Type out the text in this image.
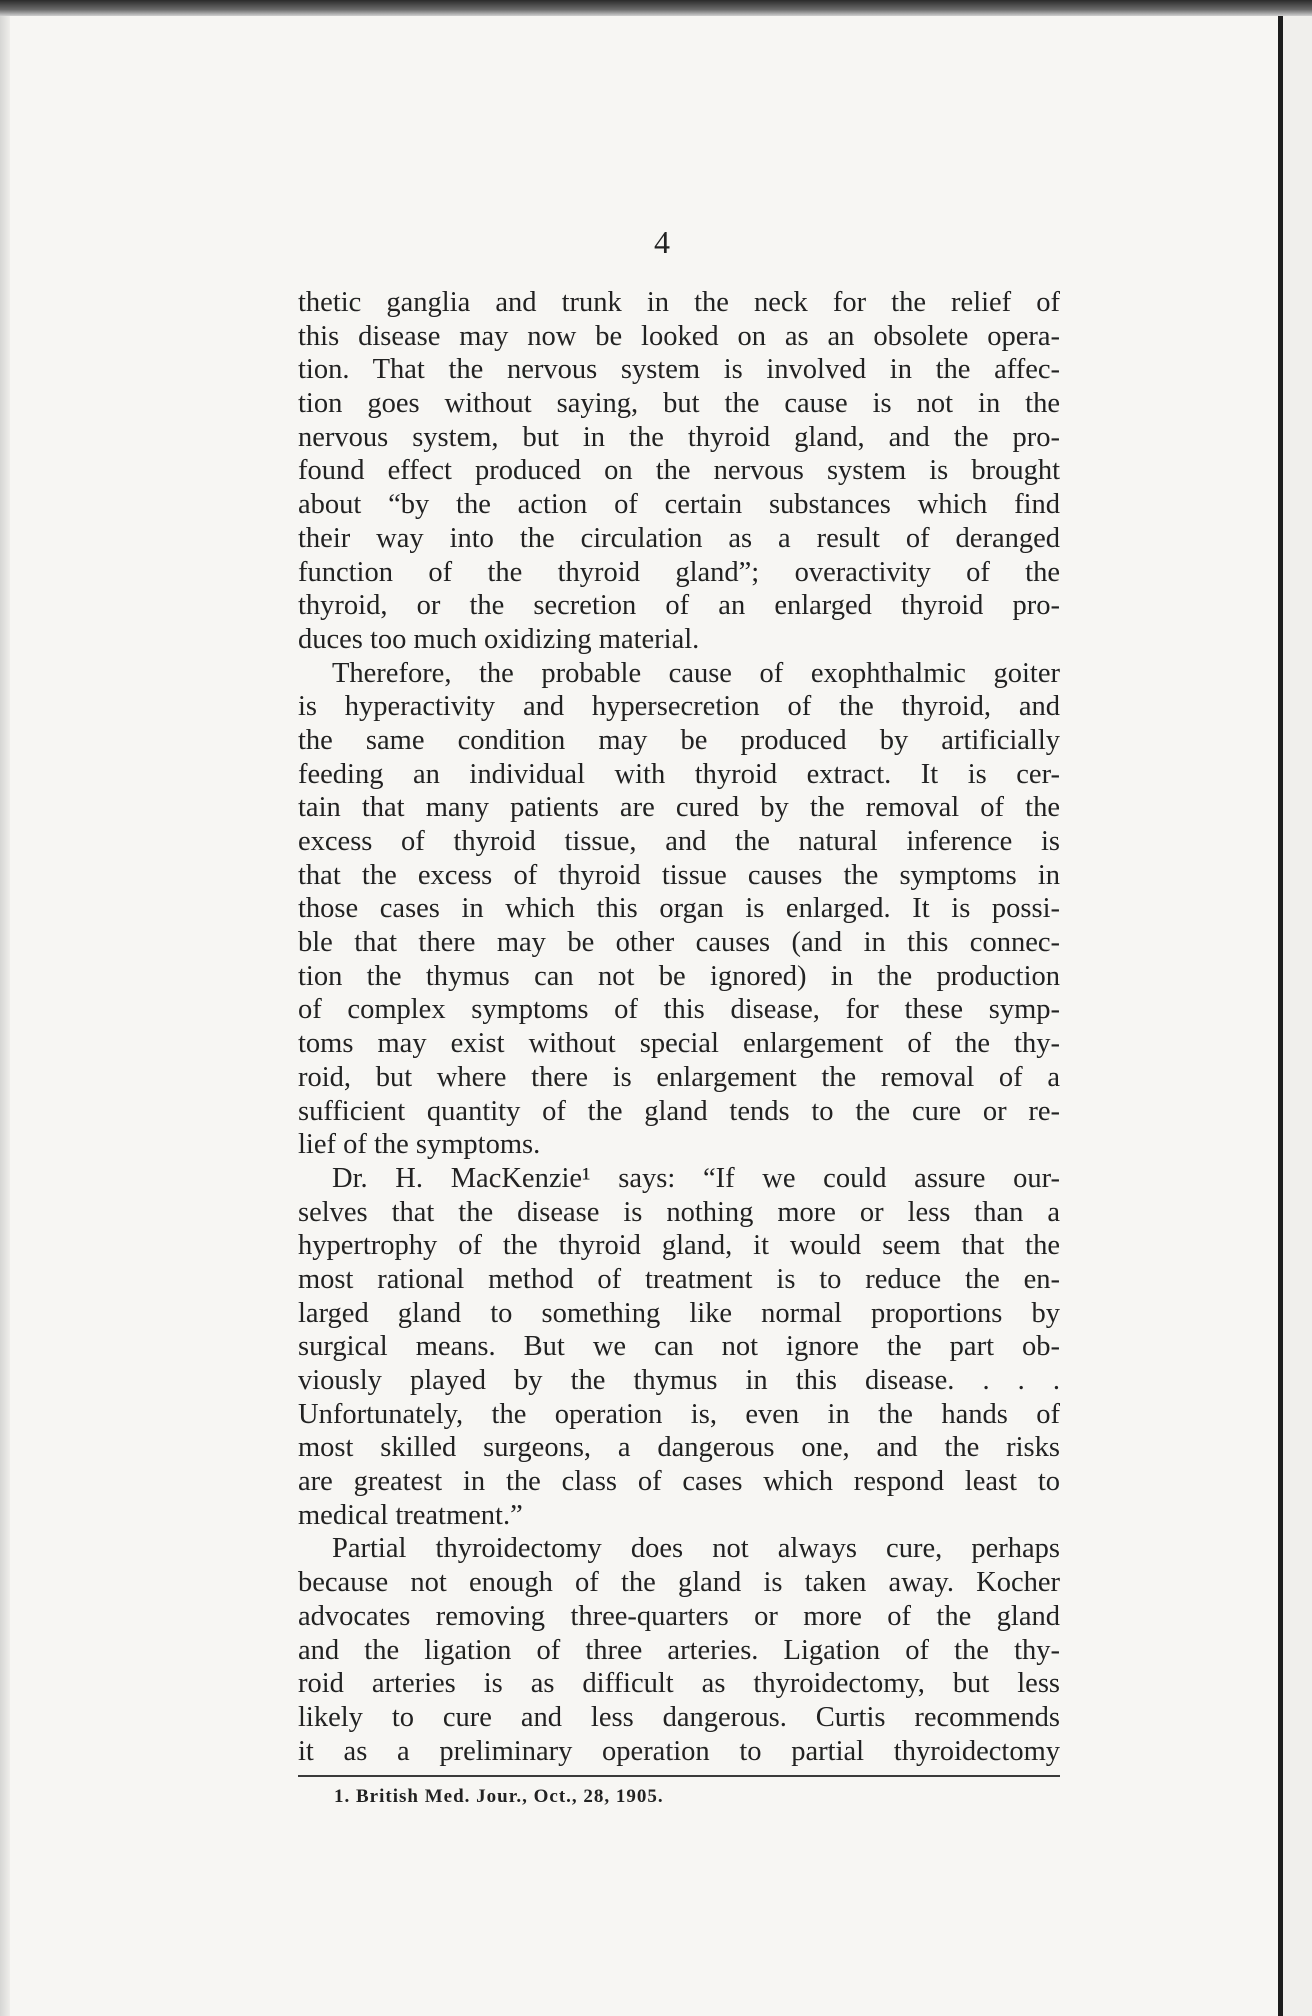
4

thetic ganglia and trunk in the neck for the relief of
this disease may now be looked on as an obsolete opera-
tion. That the nervous system is involved in the affec-
tion goes without saying, but the cause is not in the
nervous system, but in the thyroid gland, and the pro-
found effect produced on the nervous system is brought
about “by the action of certain substances which find
their way into the circulation as a result of deranged
function of the thyroid gland”; overactivity of the
thyroid, or the secretion of an enlarged thyroid pro-
duces too much oxidizing material.
Therefore, the probable cause of exophthalmic goiter
is hyperactivity and hypersecretion of the thyroid, and
the same condition may be produced by artificially
feeding an individual with thyroid extract. It is cer-
tain that many patients are cured by the removal of the
excess of thyroid tissue, and the natural inference is
that the excess of thyroid tissue causes the symptoms in
those cases in which this organ is enlarged. It is possi-
ble that there may be other causes (and in this connec-
tion the thymus can not be ignored) in the production
of complex symptoms of this disease, for these symp-
toms may exist without special enlargement of the thy-
roid, but where there is enlargement the removal of a
sufficient quantity of the gland tends to the cure or re-
lief of the symptoms.
Dr. H. MacKenzie¹ says: “If we could assure our-
selves that the disease is nothing more or less than a
hypertrophy of the thyroid gland, it would seem that the
most rational method of treatment is to reduce the en-
larged gland to something like normal proportions by
surgical means. But we can not ignore the part ob-
viously played by the thymus in this disease. . . .
Unfortunately, the operation is, even in the hands of
most skilled surgeons, a dangerous one, and the risks
are greatest in the class of cases which respond least to
medical treatment.”
Partial thyroidectomy does not always cure, perhaps
because not enough of the gland is taken away. Kocher
advocates removing three-quarters or more of the gland
and the ligation of three arteries. Ligation of the thy-
roid arteries is as difficult as thyroidectomy, but less
likely to cure and less dangerous. Curtis recommends
it as a preliminary operation to partial thyroidectomy
1. British Med. Jour., Oct., 28, 1905.
